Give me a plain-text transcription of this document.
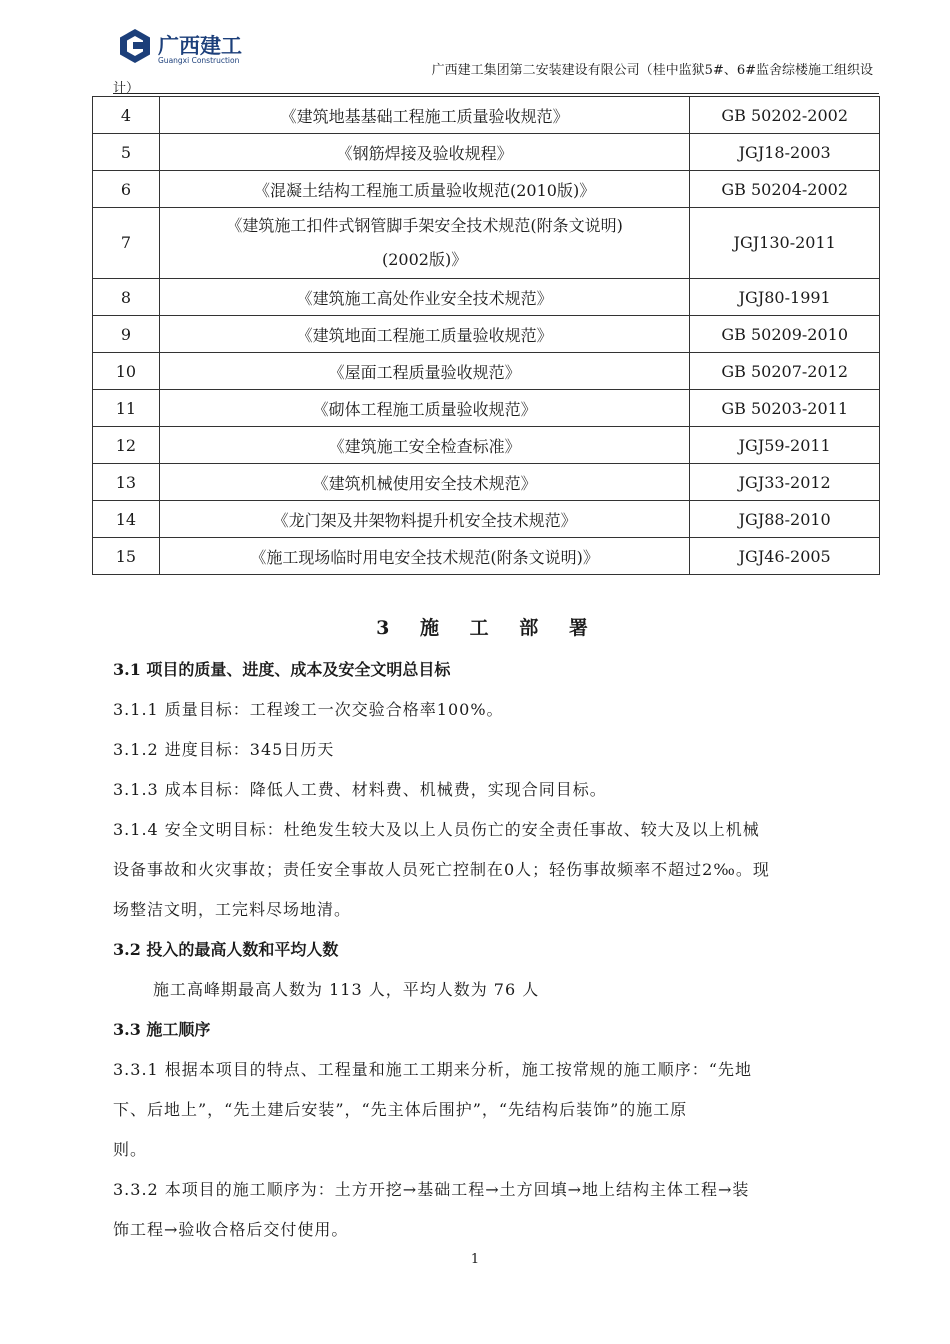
广西建工
Guangxi Construction
广西建工集团第二安装建设有限公司（桂中监狱5#、6#监舍综楼施工组织设
计）
4	《建筑地基基础工程施工质量验收规范》	GB 50202-2002
5	《钢筋焊接及验收规程》	JGJ18-2003
6	《混凝土结构工程施工质量验收规范(2010版)》	GB 50204-2002
7	《建筑施工扣件式钢管脚手架安全技术规范(附条文说明)
(2002版)》	JGJ130-2011
8	《建筑施工高处作业安全技术规范》	JGJ80-1991
9	《建筑地面工程施工质量验收规范》	GB 50209-2010
10	《屋面工程质量验收规范》	GB 50207-2012
11	《砌体工程施工质量验收规范》	GB 50203-2011
12	《建筑施工安全检查标准》	JGJ59-2011
13	《建筑机械使用安全技术规范》	JGJ33-2012
14	《龙门架及井架物料提升机安全技术规范》	JGJ88-2010
15	《施工现场临时用电安全技术规范(附条文说明)》	JGJ46-2005
3 施 工 部 署
3.1 项目的质量、进度、成本及安全文明总目标
3.1.1 质量目标：工程竣工一次交验合格率100%。
3.1.2 进度目标：345日历天
3.1.3 成本目标：降低人工费、材料费、机械费，实现合同目标。
3.1.4 安全文明目标：杜绝发生较大及以上人员伤亡的安全责任事故、较大及以上机械
设备事故和火灾事故；责任安全事故人员死亡控制在0人；轻伤事故频率不超过2‰。现
场整洁文明，工完料尽场地清。
3.2 投入的最高人数和平均人数
施工高峰期最高人数为 113 人，平均人数为 76 人
3.3 施工顺序
3.3.1 根据本项目的特点、工程量和施工工期来分析，施工按常规的施工顺序：“先地
下、后地上”，“先土建后安装”，“先主体后围护”，“先结构后装饰”的施工原
则。
3.3.2 本项目的施工顺序为：土方开挖→基础工程→土方回填→地上结构主体工程→装
饰工程→验收合格后交付使用。
1
